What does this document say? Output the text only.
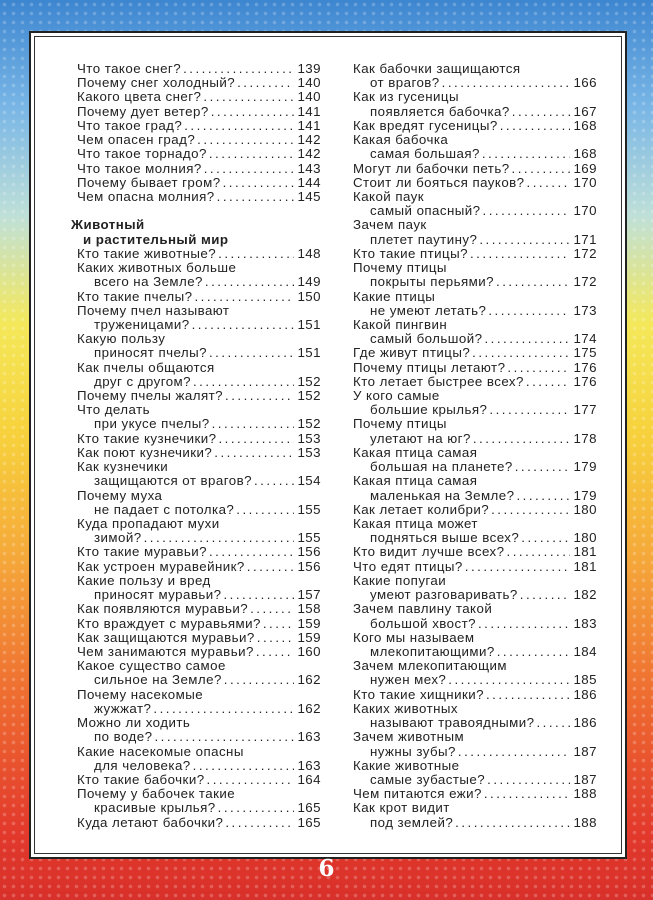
Что такое снег? . . .	139
Почему снег холодный? . . .	140
Какого цвета снег? . . .	140
Почему дует ветер? . . .	141
Что такое град? . . .	141
Чем опасен град? . . .	142
Что такое торнадо? . . .	142
Что такое молния? . . .	143
Почему бывает гром? . . .	144
Чем опасна молния? . . .	145
Животный
и растительный мир
Кто такие животные? . . .	148
Каких животных больше
всего на Земле? . . .	149
Кто такие пчелы? . . .	150
Почему пчел называют
труженицами? . . .	151
Какую пользу
приносят пчелы? . . .	151
Как пчелы общаются
друг с другом? . . .	152
Почему пчелы жалят? . . .	152
Что делать
при укусе пчелы? . . .	152
Кто такие кузнечики? . . .	153
Как поют кузнечики? . . .	153
Как кузнечики
защищаются от врагов? . . .	154
Почему муха
не падает с потолка? . . .	155
Куда пропадают мухи
зимой? . . .	155
Кто такие муравьи? . . .	156
Как устроен муравейник? . . .	156
Какие пользу и вред
приносят муравьи? . . .	157
Как появляются муравьи? . . .	158
Кто враждует с муравьями? . . .	159
Как защищаются муравьи? . . .	159
Чем занимаются муравьи? . . .	160
Какое существо самое
сильное на Земле? . . .	162
Почему насекомые
жужжат? . . .	162
Можно ли ходить
по воде? . . .	163
Какие насекомые опасны
для человека? . . .	163
Кто такие бабочки? . . .	164
Почему у бабочек такие
красивые крылья? . . .	165
Куда летают бабочки? . . .	165
Как бабочки защищаются
от врагов? . . .	166
Как из гусеницы
появляется бабочка? . . .	167
Как вредят гусеницы? . . .	168
Какая бабочка
самая большая? . . .	168
Могут ли бабочки петь? . . .	169
Стоит ли бояться пауков? . . .	170
Какой паук
самый опасный? . . .	170
Зачем паук
плетет паутину? . . .	171
Кто такие птицы? . . .	172
Почему птицы
покрыты перьями? . . .	172
Какие птицы
не умеют летать? . . .	173
Какой пингвин
самый большой? . . .	174
Где живут птицы? . . .	175
Почему птицы летают? . . .	176
Кто летает быстрее всех? . . .	176
У кого самые
большие крылья? . . .	177
Почему птицы
улетают на юг? . . .	178
Какая птица самая
большая на планете? . . .	179
Какая птица самая
маленькая на Земле? . . .	179
Как летает колибри? . . .	180
Какая птица может
подняться выше всех? . . .	180
Кто видит лучше всех? . . .	181
Что едят птицы? . . .	181
Какие попугаи
умеют разговаривать? . . .	182
Зачем павлину такой
большой хвост? . . .	183
Кого мы называем
млекопитающими? . . .	184
Зачем млекопитающим
нужен мех? . . .	185
Кто такие хищники? . . .	186
Каких животных
называют травоядными? . . .	186
Зачем животным
нужны зубы? . . .	187
Какие животные
самые зубастые? . . .	187
Чем питаются ежи? . . .	188
Как крот видит
под землей? . . .	188
6
